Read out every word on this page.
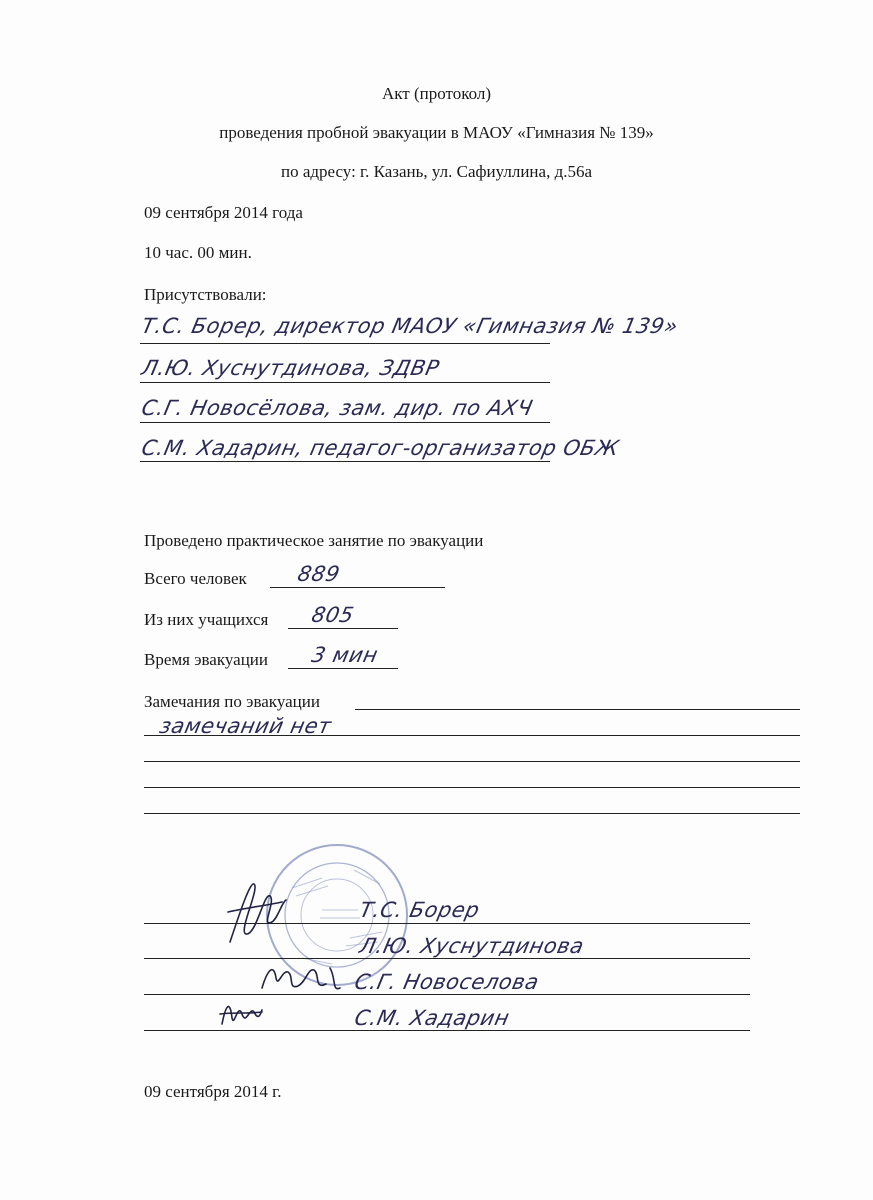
Акт (протокол)
проведения пробной эвакуации в МАОУ «Гимназия № 139»
по адресу: г. Казань, ул. Сафиуллина, д.56а
09 сентября 2014 года
10 час. 00 мин.
Присутствовали:
Т.С. Борер, директор МАОУ «Гимназия № 139»
Л.Ю. Хуснутдинова, ЗДВР
С.Г. Новосёлова, зам. дир. по АХЧ
С.М. Хадарин, педагог-организатор ОБЖ
Проведено практическое занятие по эвакуации
Всего человек 889
Из них учащихся 805
Время эвакуации 3 мин
Замечания по эвакуации
замечаний нет
Т.С. Борер
Л.Ю. Хуснутдинова
С.Г. Новоселова
С.М. Хадарин
09 сентября 2014 г.
